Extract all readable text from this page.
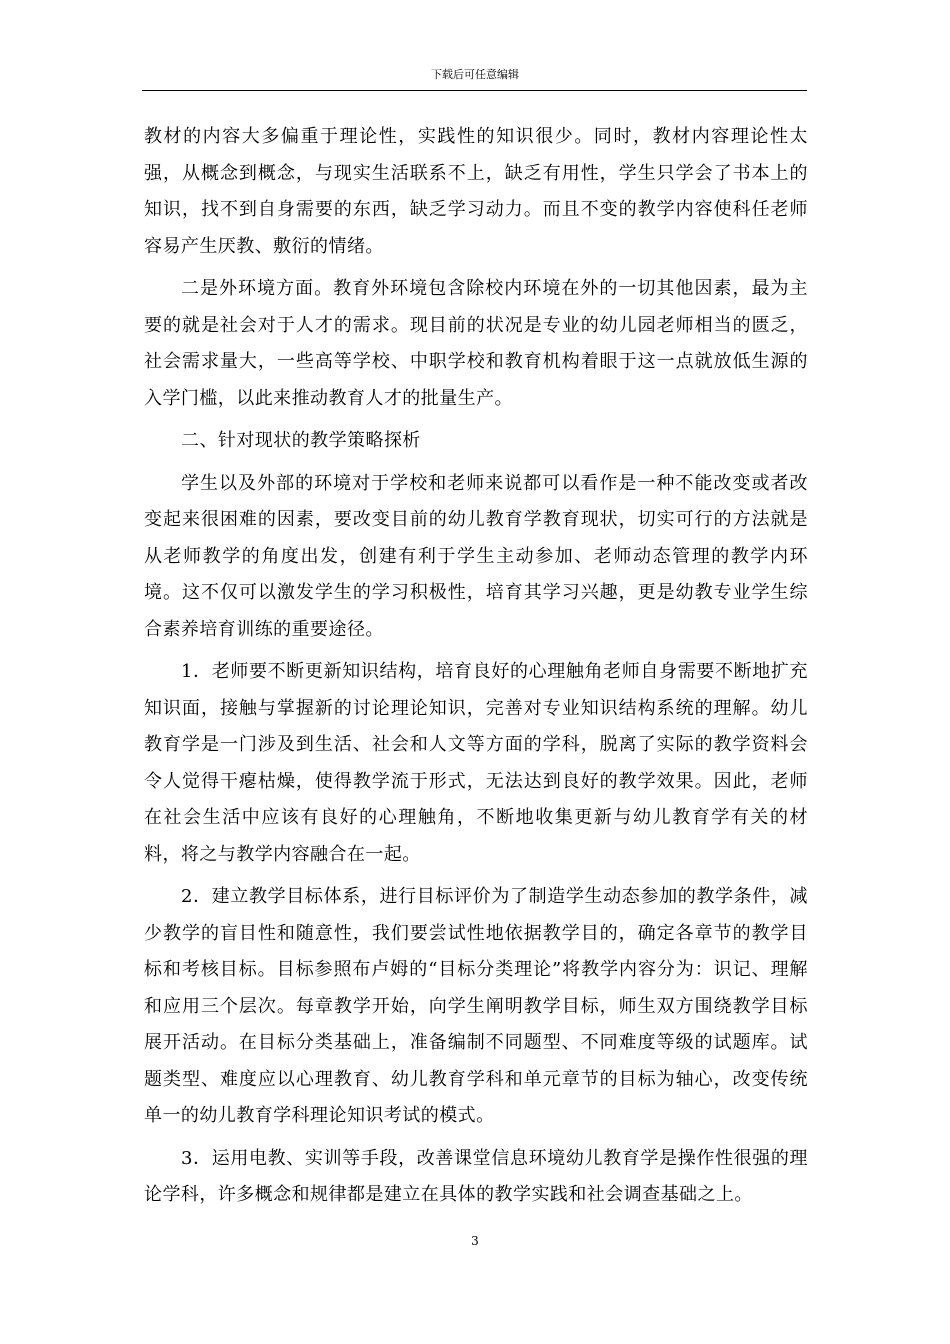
下载后可任意编辑

教材的内容大多偏重于理论性，实践性的知识很少。同时，教材内容理论性太强，从概念到概念，与现实生活联系不上，缺乏有用性，学生只学会了书本上的知识，找不到自身需要的东西，缺乏学习动力。而且不变的教学内容使科任老师容易产生厌教、敷衍的情绪。

二是外环境方面。教育外环境包含除校内环境在外的一切其他因素，最为主要的就是社会对于人才的需求。现目前的状况是专业的幼儿园老师相当的匮乏，社会需求量大，一些高等学校、中职学校和教育机构着眼于这一点就放低生源的入学门槛，以此来推动教育人才的批量生产。

二、针对现状的教学策略探析

学生以及外部的环境对于学校和老师来说都可以看作是一种不能改变或者改变起来很困难的因素，要改变目前的幼儿教育学教育现状，切实可行的方法就是从老师教学的角度出发，创建有利于学生主动参加、老师动态管理的教学内环境。这不仅可以激发学生的学习积极性，培育其学习兴趣，更是幼教专业学生综合素养培育训练的重要途径。

1．老师要不断更新知识结构，培育良好的心理触角老师自身需要不断地扩充知识面，接触与掌握新的讨论理论知识，完善对专业知识结构系统的理解。幼儿教育学是一门涉及到生活、社会和人文等方面的学科，脱离了实际的教学资料会令人觉得干瘪枯燥，使得教学流于形式，无法达到良好的教学效果。因此，老师在社会生活中应该有良好的心理触角，不断地收集更新与幼儿教育学有关的材料，将之与教学内容融合在一起。

2．建立教学目标体系，进行目标评价为了制造学生动态参加的教学条件，减少教学的盲目性和随意性，我们要尝试性地依据教学目的，确定各章节的教学目标和考核目标。目标参照布卢姆的“目标分类理论”将教学内容分为：识记、理解和应用三个层次。每章教学开始，向学生阐明教学目标，师生双方围绕教学目标展开活动。在目标分类基础上，准备编制不同题型、不同难度等级的试题库。试题类型、难度应以心理教育、幼儿教育学科和单元章节的目标为轴心，改变传统单一的幼儿教育学科理论知识考试的模式。

3．运用电教、实训等手段，改善课堂信息环境幼儿教育学是操作性很强的理论学科，许多概念和规律都是建立在具体的教学实践和社会调查基础之上。

3
